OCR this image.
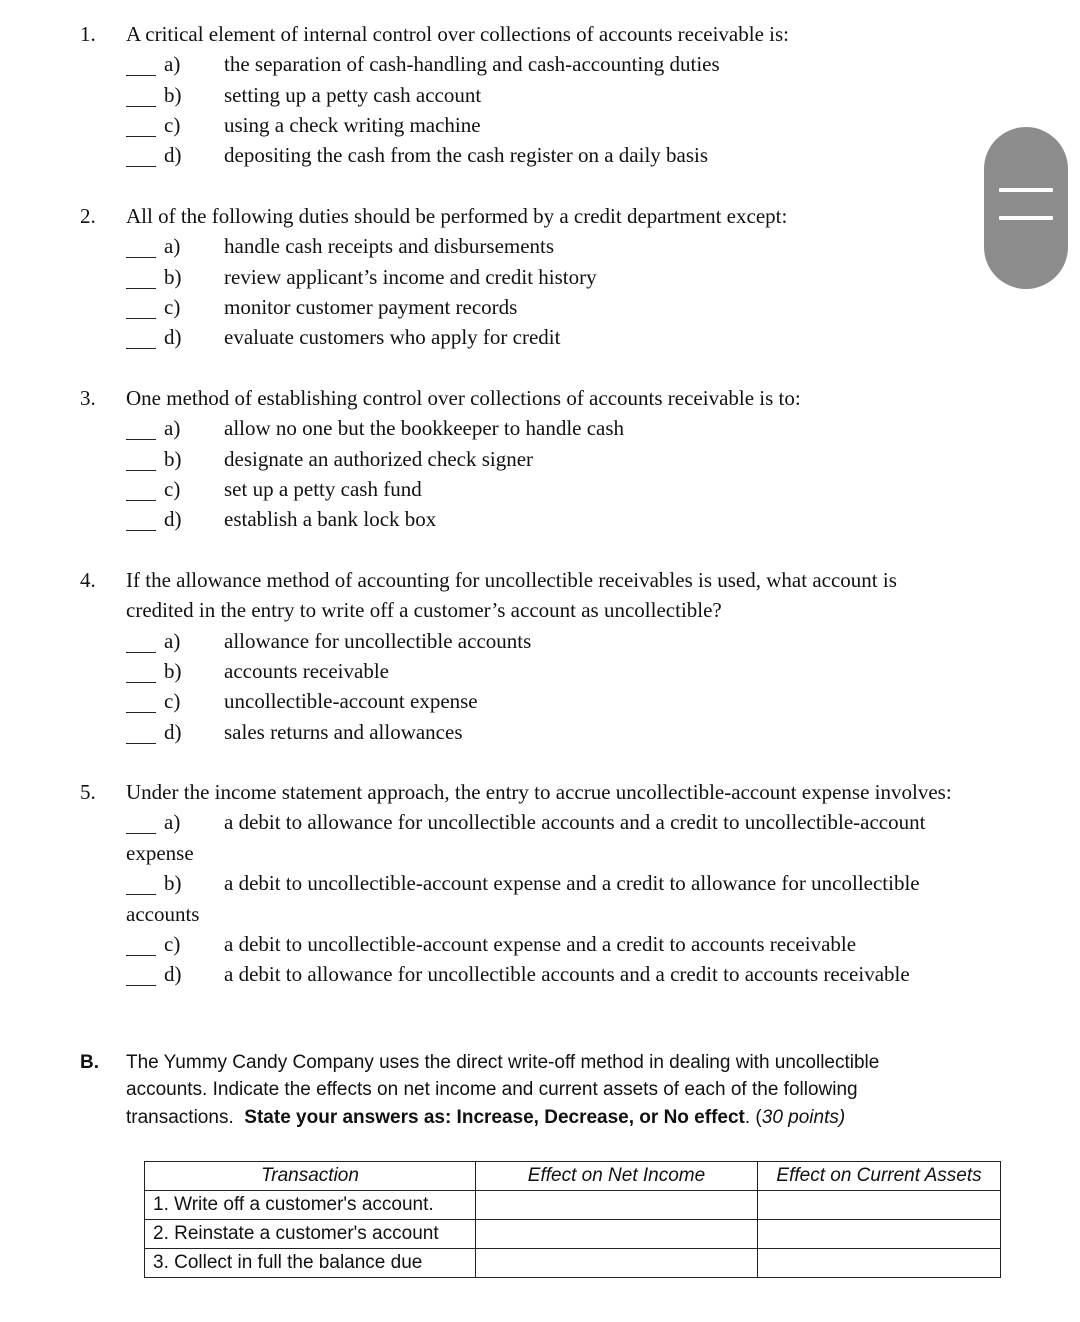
1. A critical element of internal control over collections of accounts receivable is:
a) the separation of cash-handling and cash-accounting duties
b) setting up a petty cash account
c) using a check writing machine
d) depositing the cash from the cash register on a daily basis
2. All of the following duties should be performed by a credit department except:
a) handle cash receipts and disbursements
b) review applicant’s income and credit history
c) monitor customer payment records
d) evaluate customers who apply for credit
3. One method of establishing control over collections of accounts receivable is to:
a) allow no one but the bookkeeper to handle cash
b) designate an authorized check signer
c) set up a petty cash fund
d) establish a bank lock box
4. If the allowance method of accounting for uncollectible receivables is used, what account is
credited in the entry to write off a customer’s account as uncollectible?
a) allowance for uncollectible accounts
b) accounts receivable
c) uncollectible-account expense
d) sales returns and allowances
5. Under the income statement approach, the entry to accrue uncollectible-account expense involves:
a) a debit to allowance for uncollectible accounts and a credit to uncollectible-account
expense
b) a debit to uncollectible-account expense and a credit to allowance for uncollectible
accounts
c) a debit to uncollectible-account expense and a credit to accounts receivable
d) a debit to allowance for uncollectible accounts and a credit to accounts receivable
B. The Yummy Candy Company uses the direct write-off method in dealing with uncollectible
accounts. Indicate the effects on net income and current assets of each of the following
transactions. State your answers as: Increase, Decrease, or No effect. (30 points)
Transaction	Effect on Net Income	Effect on Current Assets
1. Write off a customer's account.		
2. Reinstate a customer's account		
3. Collect in full the balance due		
